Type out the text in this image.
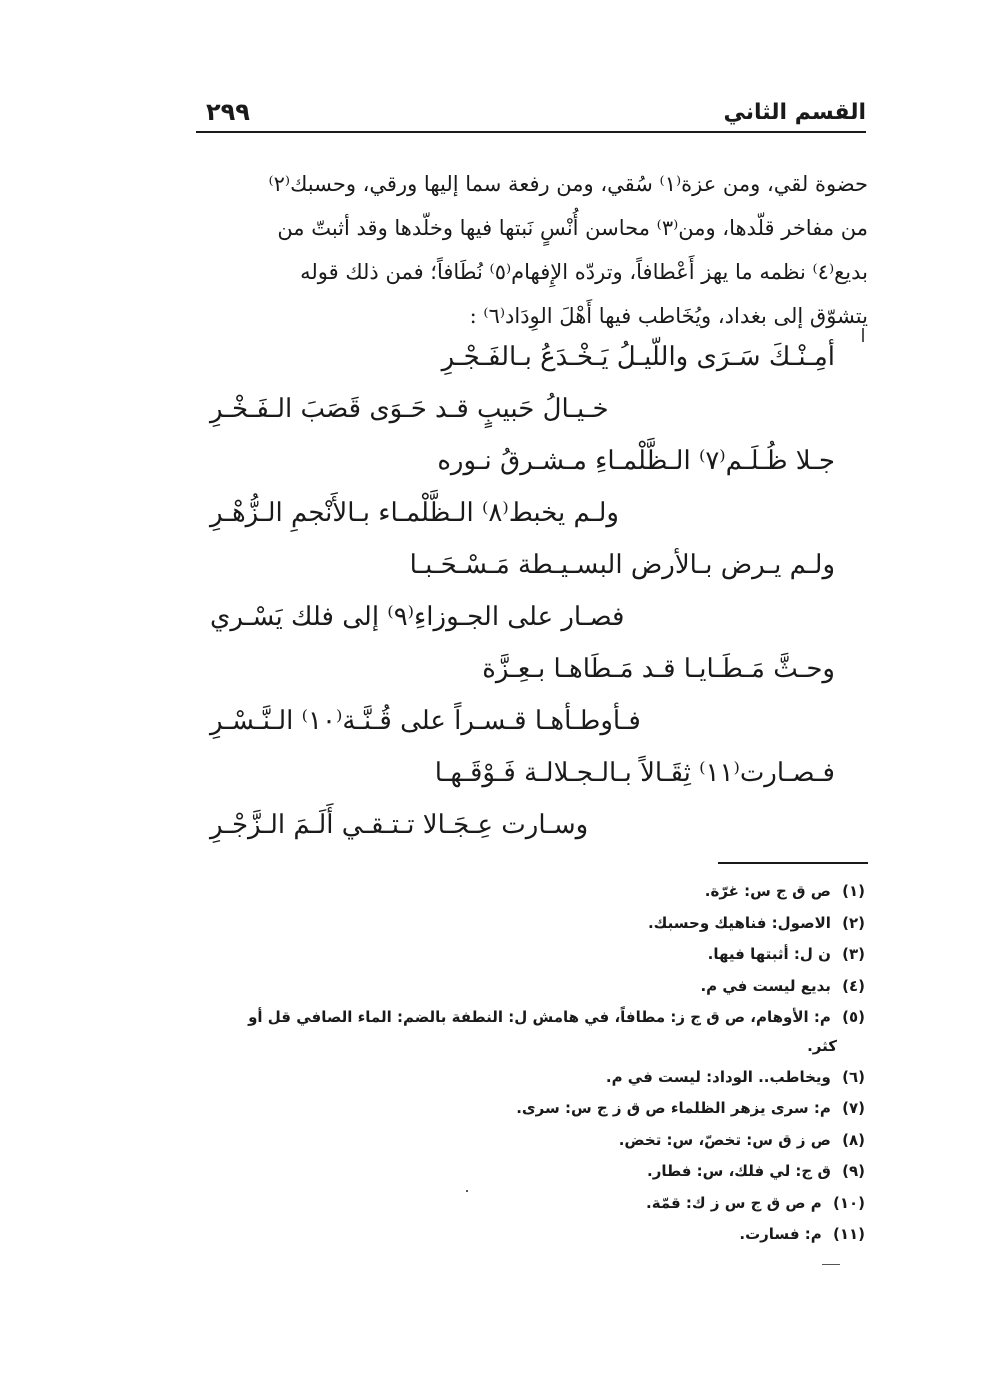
القسم الثاني
٢٩٩

حضوة لقي، ومن عزة⁽١⁾ سُقي، ومن رفعة سما إليها ورقي، وحسبك⁽٢⁾

من مفاخر قلّدها، ومن⁽٣⁾ محاسن أُنْسٍ نَبتها فيها وخلّدها وقد أثبتّ من

بديع⁽٤⁾ نظمه ما يهز أَعْطافاً، وتردّه الإِفهام⁽٥⁾ نُطَافاً؛ فمن ذلك قوله

يتشوّق إلى بغداد، ويُخَاطب فيها أَهْلَ الوِدَاد⁽٦⁾ :

أمِـنْـكَ سَـرَى واللّيـلُ يَـخْـدَعُ بـالفَـجْـرِ
خـيـالُ حَبيبٍ قـد حَـوَى قَصَبَ الـفَـخْـرِ
جـلا ظُـلَـم⁽٧⁾ الـظَّلْمـاءِ مـشـرقُ نـوره
ولـم يخبط⁽٨⁾ الـظَّلْمـاء بـالأَنْجمِ الـزُّهْـرِ
ولـم يـرض بـالأرض البسـيـطة مَـسْـحَـبـا
فصـار على الجـوزاءِ⁽٩⁾ إلى فلك يَسْـري
وحـثَّ مَـطَـايـا قـد مَـطَاهـا بـعِـزَّة
فـأوطـأهـا قـسـراً على قُـنَّـة⁽١٠⁾ الـنَّـسْـرِ
فـصـارت⁽١١⁾ ثِقَـالاً بـالـجـلالـة فَـوْقَـهـا
وسـارت عِـجَـالا تـتـقـي أَلَـمَ الـزَّجْـرِ
(١) ص ق ج س: غرّة.
(٢) الاصول: فناهيك وحسبك.
(٣) ن ل: أثبتها فيها.
(٤) بديع ليست في م.
(٥) م: الأوهام، ص ق ج ز: مطافاً، في هامش ل: النطفة بالضم: الماء الصافي قل أو
كثر.
(٦) ويخاطب.. الوداد: ليست في م.
(٧) م: سرى يزهر الظلماء ص ق ز ج س: سرى.
(٨) ص ز ق س: تخصّ، س: تخض.
(٩) ق ج: لي فلك، س: فطار.
(١٠) م ص ق ج س ز ك: قمّة.
(١١) م: فسارت.
